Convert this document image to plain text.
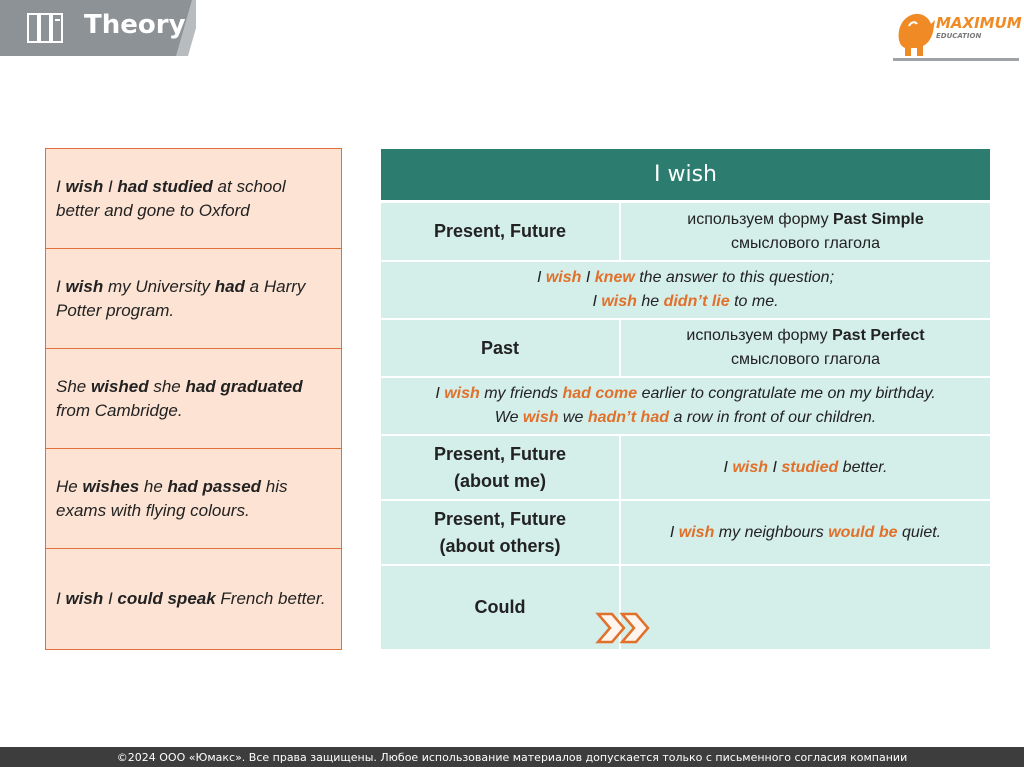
Theory	MAXIMUM
EDUCATION
I wish I had studied at school better and gone to Oxford
I wish my University had a Harry Potter program.
She wished she had graduated from Cambridge.
He wishes he had passed his exams with flying colours.
I wish I could speak French better.
I wish
Present, Future
используем форму Past Simple
смыслового глагола
I wish I knew the answer to this question;
I wish he didn’t lie to me.
Past
используем форму Past Perfect
смыслового глагола
I wish my friends had come earlier to congratulate me on my birthday.
We wish we hadn’t had a row in front of our children.
Present, Future
(about me)
I wish I studied better.
Present, Future
(about others)
I wish my neighbours would be quiet.
Could
©2024 ООО «Юмакс». Все права защищены. Любое использование материалов допускается только с письменного согласия компании
